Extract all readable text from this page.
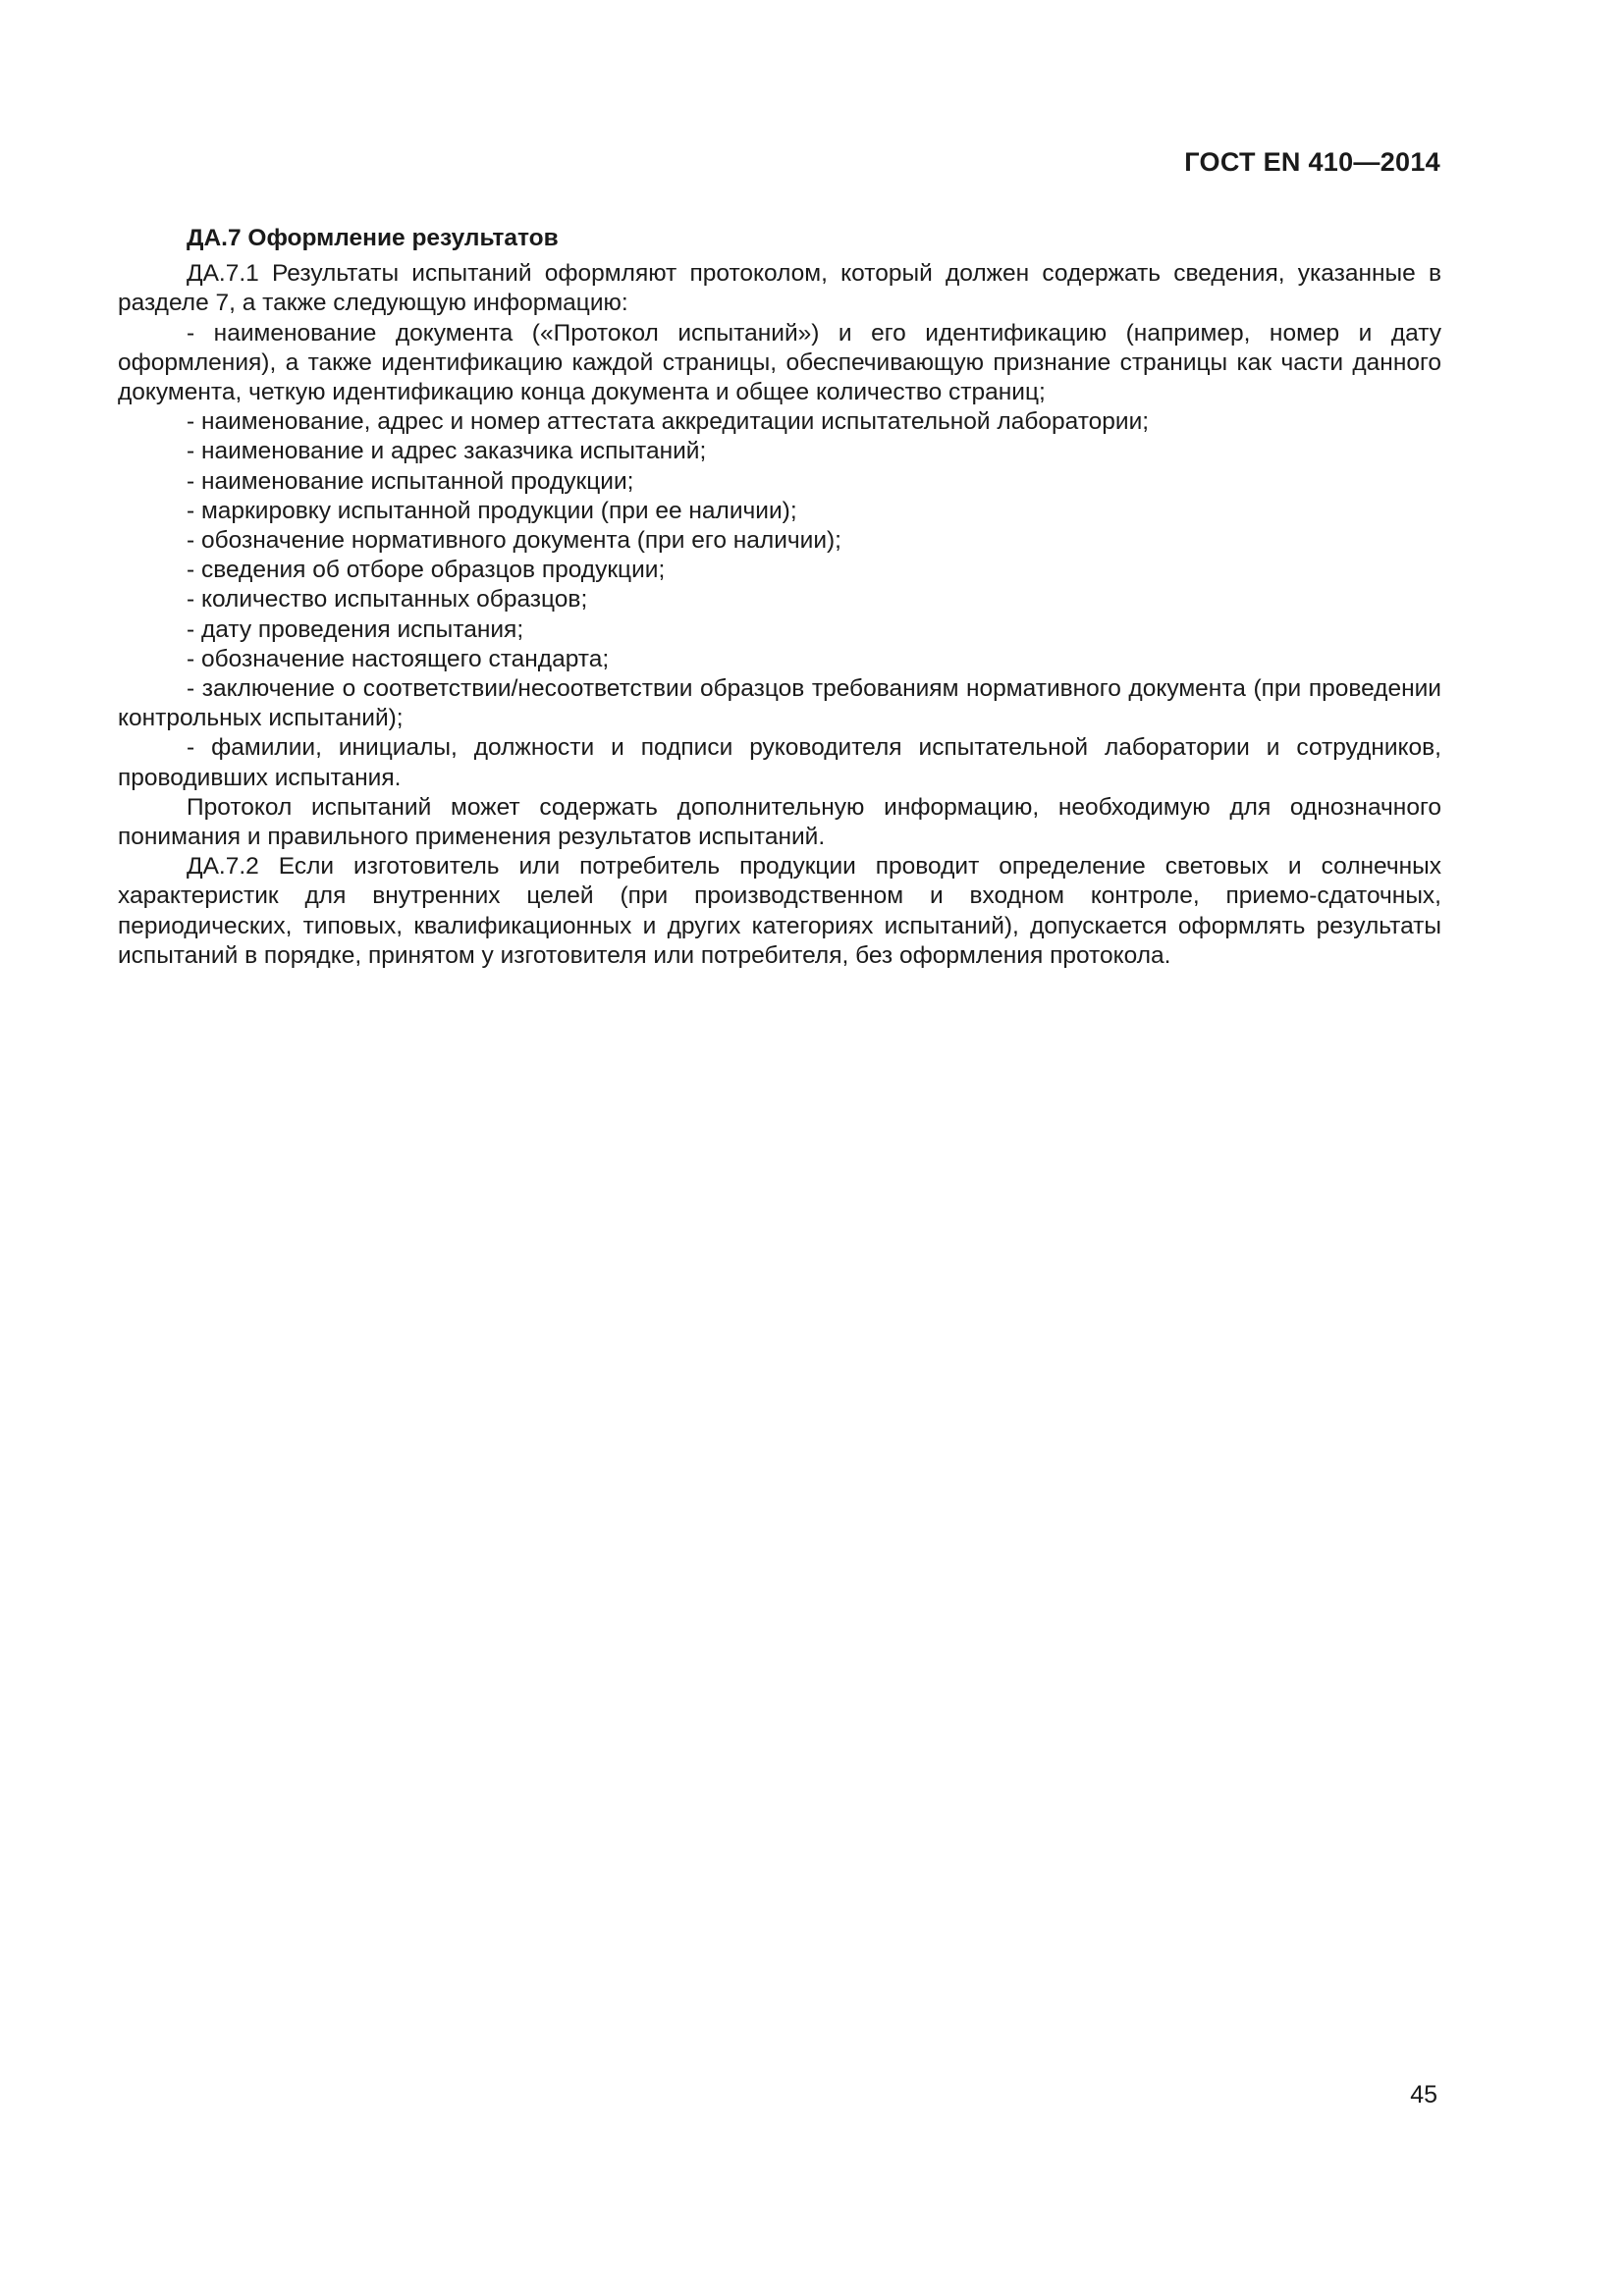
ГОСТ EN 410—2014
ДА.7 Оформление результатов

ДА.7.1 Результаты испытаний оформляют протоколом, который должен содержать сведения, указанные в разделе 7, а также следующую информацию:

- наименование документа («Протокол испытаний») и его идентификацию (например, номер и дату оформления), а также идентификацию каждой страницы, обеспечивающую признание страницы как части данного документа, четкую идентификацию конца документа и общее количество страниц;
- наименование, адрес и номер аттестата аккредитации испытательной лаборатории;
- наименование и адрес заказчика испытаний;
- наименование испытанной продукции;
- маркировку испытанной продукции (при ее наличии);
- обозначение нормативного документа (при его наличии);
- сведения об отборе образцов продукции;
- количество испытанных образцов;
- дату проведения испытания;
- обозначение настоящего стандарта;
- заключение о соответствии/несоответствии образцов требованиям нормативного документа (при проведении контрольных испытаний);
- фамилии, инициалы, должности и подписи руководителя испытательной лаборатории и сотрудников, проводивших испытания.

Протокол испытаний может содержать дополнительную информацию, необходимую для однозначного понимания и правильного применения результатов испытаний.

ДА.7.2 Если изготовитель или потребитель продукции проводит определение световых и солнечных характеристик для внутренних целей (при производственном и входном контроле, приемо-сдаточных, периодических, типовых, квалификационных и других категориях испытаний), допускается оформлять результаты испытаний в порядке, принятом у изготовителя или потребителя, без оформления протокола.

45
